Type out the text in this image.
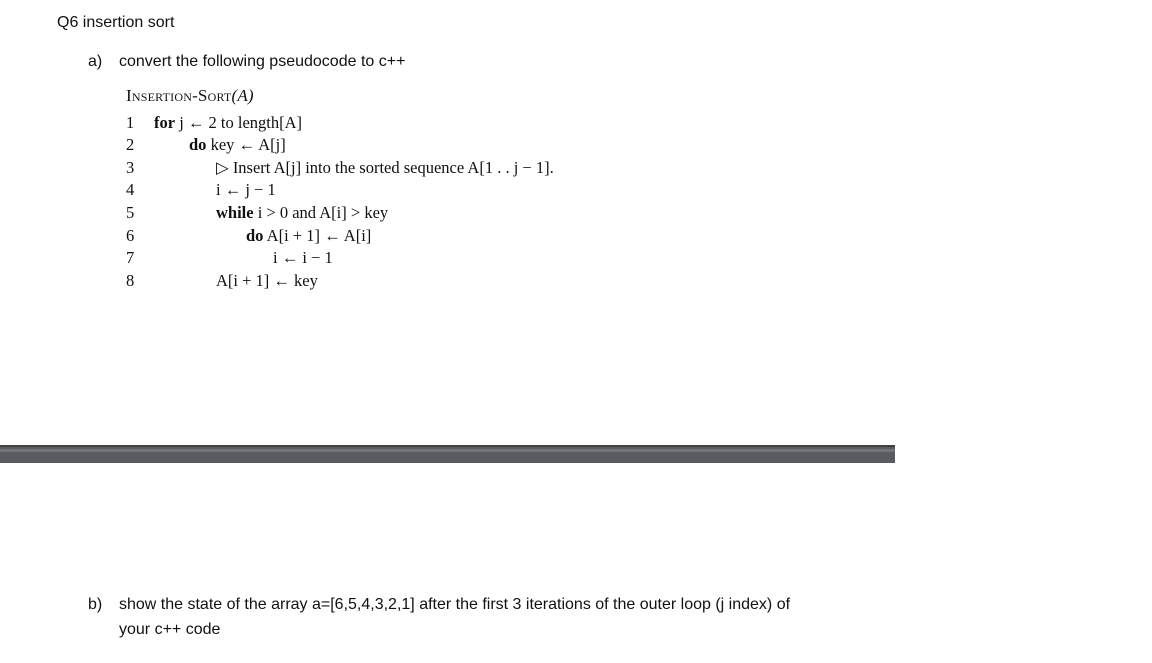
Q6 insertion sort
a) convert the following pseudocode to c++
Insertion-Sort(A)
1	for j ← 2 to length[A]
2	do key ← A[j]
3	▷ Insert A[j] into the sorted sequence A[1 . . j − 1].
4	i ← j − 1
5	while i > 0 and A[i] > key
6	do A[i + 1] ← A[i]
7	i ← i − 1
8	A[i + 1] ← key
b) show the state of the array a=[6,5,4,3,2,1] after the first 3 iterations of the outer loop (j index) of
your c++ code
